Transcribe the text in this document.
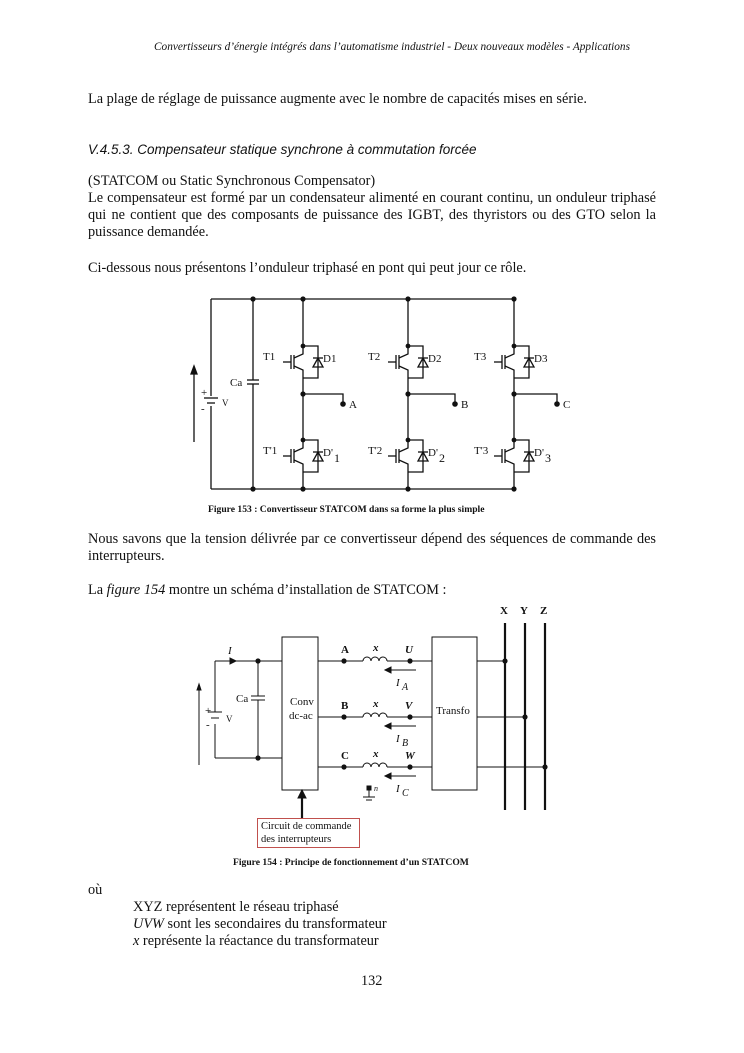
Convertisseurs d’énergie intégrés dans l’automatisme industriel - Deux nouveaux modèles - Applications
La plage de réglage de puissance augmente avec le nombre de capacités mises en série.
V.4.5.3. Compensateur statique synchrone à commutation forcée
(STATCOM ou Static Synchronous Compensator)
Le compensateur est formé par un condensateur alimenté en courant continu, un onduleur triphasé qui ne contient que des composants de puissance des IGBT, des thyristors ou des GTO selon la puissance demandée.
Ci-dessous nous présentons l’onduleur triphasé en pont qui peut jour ce rôle.
Ca
+
- V	A
T1	D1
T'1	D' 1
B
T2	D2
T'2	D' 2
C
T3	D3
T'3	D' 3
Figure 153 : Convertisseur STATCOM dans sa forme la plus simple
Nous savons que la tension délivrée par ce convertisseur dépend des séquences de commande des interrupteurs.
La figure 154 montre un schéma d’installation de STATCOM :
I
+
- V
Ca	Conv
dc-ac	Transfo
A x U
I A
B x V
I B
C x W
I C
X Y Z
n
Circuit de commande
des interrupteurs
Figure 154 : Principe de fonctionnement d’un STATCOM
où
XYZ représentent le réseau triphasé
UVW sont les secondaires du transformateur
x représente la réactance du transformateur
132
